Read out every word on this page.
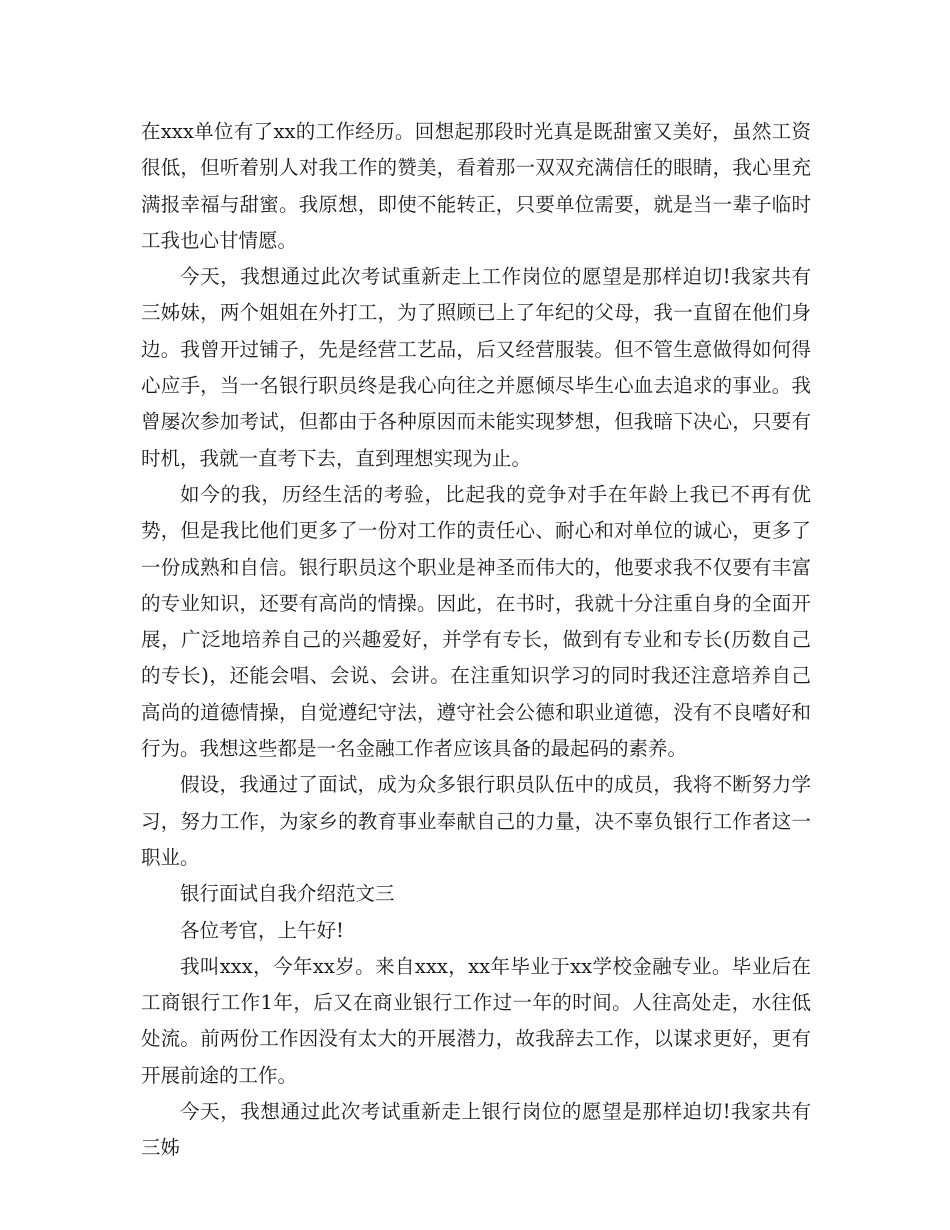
在xxx单位有了xx的工作经历。回想起那段时光真是既甜蜜又美好，虽然工资很低，但听着别人对我工作的赞美，看着那一双双充满信任的眼睛，我心里充满报幸福与甜蜜。我原想，即使不能转正，只要单位需要，就是当一辈子临时工我也心甘情愿。

今天，我想通过此次考试重新走上工作岗位的愿望是那样迫切!我家共有三姊妹，两个姐姐在外打工，为了照顾已上了年纪的父母，我一直留在他们身边。我曾开过铺子，先是经营工艺品，后又经营服装。但不管生意做得如何得心应手，当一名银行职员终是我心向往之并愿倾尽毕生心血去追求的事业。我曾屡次参加考试，但都由于各种原因而未能实现梦想，但我暗下决心，只要有时机，我就一直考下去，直到理想实现为止。

如今的我，历经生活的考验，比起我的竞争对手在年龄上我已不再有优势，但是我比他们更多了一份对工作的责任心、耐心和对单位的诚心，更多了一份成熟和自信。银行职员这个职业是神圣而伟大的，他要求我不仅要有丰富的专业知识，还要有高尚的情操。因此，在书时，我就十分注重自身的全面开展，广泛地培养自己的兴趣爱好，并学有专长，做到有专业和专长(历数自己的专长)，还能会唱、会说、会讲。在注重知识学习的同时我还注意培养自己高尚的道德情操，自觉遵纪守法，遵守社会公德和职业道德，没有不良嗜好和行为。我想这些都是一名金融工作者应该具备的最起码的素养。

假设，我通过了面试，成为众多银行职员队伍中的成员，我将不断努力学习，努力工作，为家乡的教育事业奉献自己的力量，决不辜负银行工作者这一职业。

银行面试自我介绍范文三

各位考官，上午好!

我叫xxx，今年xx岁。来自xxx，xx年毕业于xx学校金融专业。毕业后在工商银行工作1年，后又在商业银行工作过一年的时间。人往高处走，水往低处流。前两份工作因没有太大的开展潜力，故我辞去工作，以谋求更好，更有开展前途的工作。

今天，我想通过此次考试重新走上银行岗位的愿望是那样迫切!我家共有三姊
